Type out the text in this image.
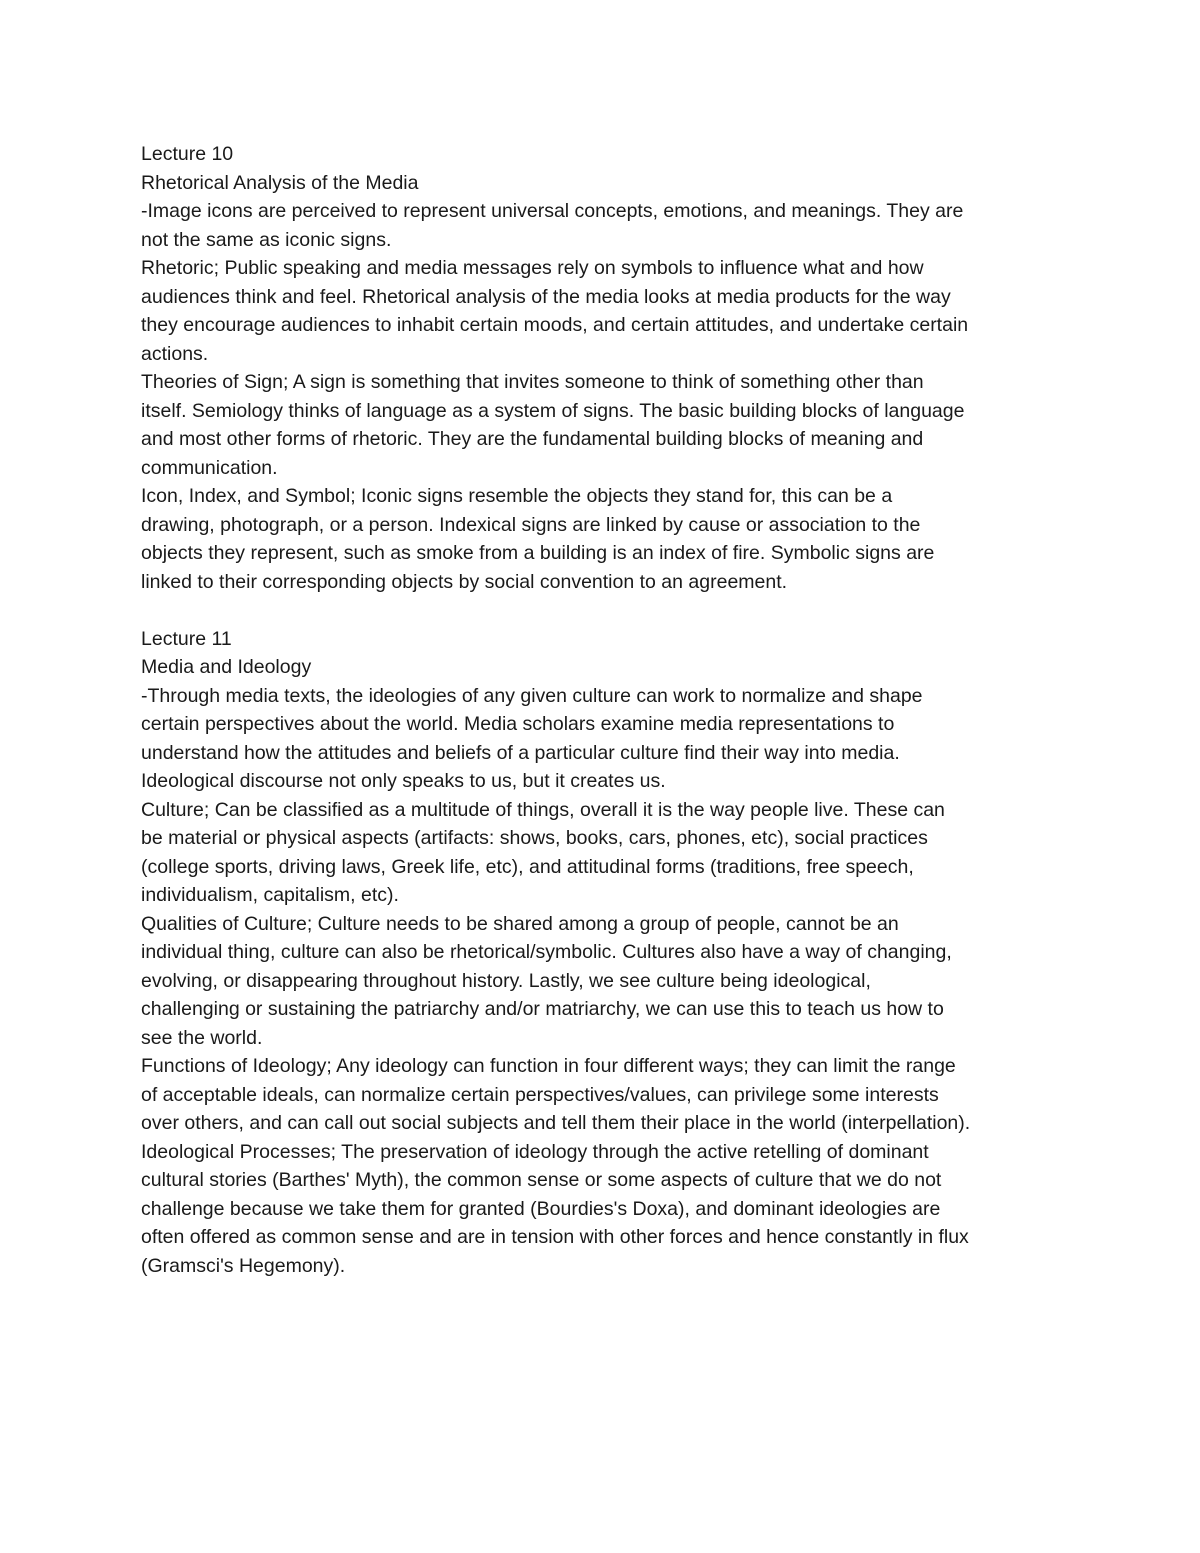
Lecture 10

Rhetorical Analysis of the Media

-Image icons are perceived to represent universal concepts, emotions, and meanings. They are

not the same as iconic signs.

Rhetoric; Public speaking and media messages rely on symbols to influence what and how

audiences think and feel. Rhetorical analysis of the media looks at media products for the way

they encourage audiences to inhabit certain moods, and certain attitudes, and undertake certain

actions.

Theories of Sign; A sign is something that invites someone to think of something other than

itself. Semiology thinks of language as a system of signs. The basic building blocks of language

and most other forms of rhetoric. They are the fundamental building blocks of meaning and

communication.

Icon, Index, and Symbol; Iconic signs resemble the objects they stand for, this can be a

drawing, photograph, or a person. Indexical signs are linked by cause or association to the

objects they represent, such as smoke from a building is an index of fire. Symbolic signs are

linked to their corresponding objects by social convention to an agreement.

Lecture 11

Media and Ideology

-Through media texts, the ideologies of any given culture can work to normalize and shape

certain perspectives about the world. Media scholars examine media representations to

understand how the attitudes and beliefs of a particular culture find their way into media.

Ideological discourse not only speaks to us, but it creates us.

Culture; Can be classified as a multitude of things, overall it is the way people live. These can

be material or physical aspects (artifacts: shows, books, cars, phones, etc), social practices

(college sports, driving laws, Greek life, etc), and attitudinal forms (traditions, free speech,

individualism, capitalism, etc).

Qualities of Culture; Culture needs to be shared among a group of people, cannot be an

individual thing, culture can also be rhetorical/symbolic. Cultures also have a way of changing,

evolving, or disappearing throughout history. Lastly, we see culture being ideological,

challenging or sustaining the patriarchy and/or matriarchy, we can use this to teach us how to

see the world.

Functions of Ideology; Any ideology can function in four different ways; they can limit the range

of acceptable ideals, can normalize certain perspectives/values, can privilege some interests

over others, and can call out social subjects and tell them their place in the world (interpellation).

Ideological Processes; The preservation of ideology through the active retelling of dominant

cultural stories (Barthes' Myth), the common sense or some aspects of culture that we do not

challenge because we take them for granted (Bourdies's Doxa), and dominant ideologies are

often offered as common sense and are in tension with other forces and hence constantly in flux

(Gramsci's Hegemony).
